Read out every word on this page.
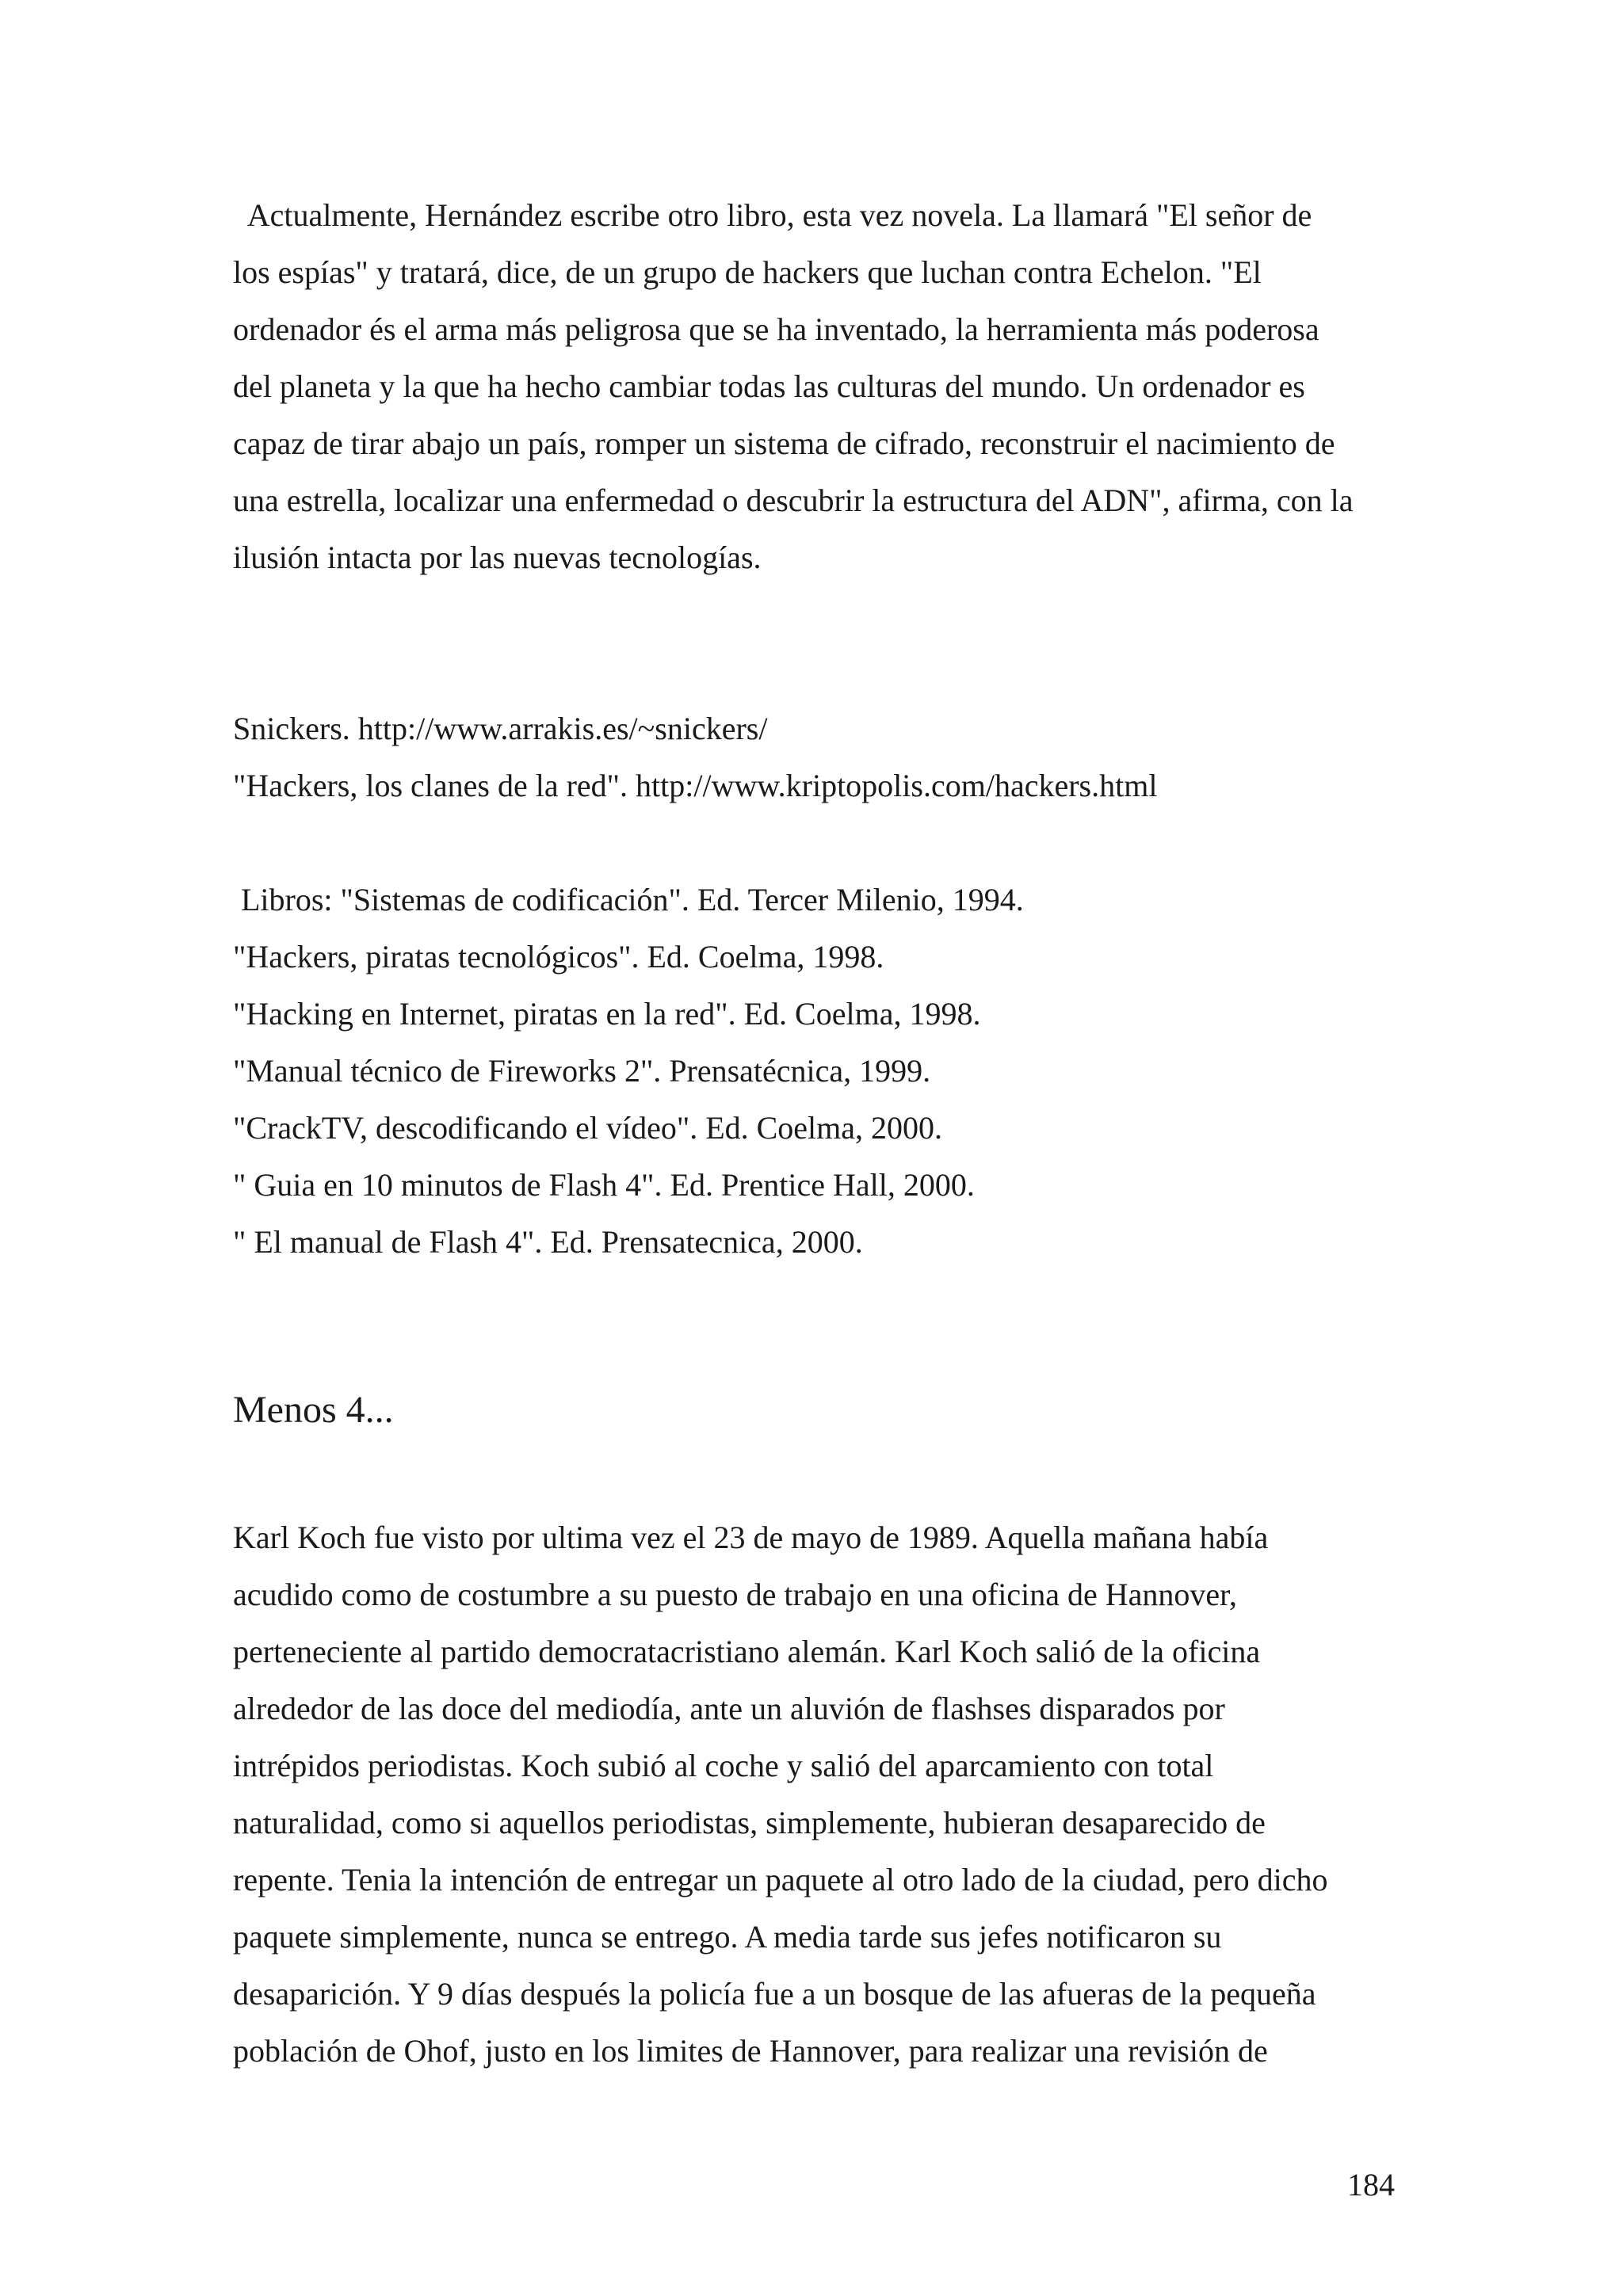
Actualmente, Hernández escribe otro libro, esta vez novela. La llamará "El señor de
los espías" y tratará, dice, de un grupo de hackers que luchan contra Echelon. "El
ordenador és el arma más peligrosa que se ha inventado, la herramienta más poderosa
del planeta y la que ha hecho cambiar todas las culturas del mundo. Un ordenador es
capaz de tirar abajo un país, romper un sistema de cifrado, reconstruir el nacimiento de
una estrella, localizar una enfermedad o descubrir la estructura del ADN", afirma, con la
ilusión intacta por las nuevas tecnologías.
Snickers. http://www.arrakis.es/~snickers/
"Hackers, los clanes de la red". http://www.kriptopolis.com/hackers.html
Libros: "Sistemas de codificación". Ed. Tercer Milenio, 1994.
"Hackers, piratas tecnológicos". Ed. Coelma, 1998.
"Hacking en Internet, piratas en la red". Ed. Coelma, 1998.
"Manual técnico de Fireworks 2". Prensatécnica, 1999.
"CrackTV, descodificando el vídeo". Ed. Coelma, 2000.
" Guia en 10 minutos de Flash 4". Ed. Prentice Hall, 2000.
" El manual de Flash 4". Ed. Prensatecnica, 2000.
Menos 4...
Karl Koch fue visto por ultima vez el 23 de mayo de 1989. Aquella mañana había
acudido como de costumbre a su puesto de trabajo en una oficina de Hannover,
perteneciente al partido democratacristiano alemán. Karl Koch salió de la oficina
alrededor de las doce del mediodía, ante un aluvión de flashses disparados por
intrépidos periodistas. Koch subió al coche y salió del aparcamiento con total
naturalidad, como si aquellos periodistas, simplemente, hubieran desaparecido de
repente. Tenia la intención de entregar un paquete al otro lado de la ciudad, pero dicho
paquete simplemente, nunca se entrego. A media tarde sus jefes notificaron su
desaparición. Y 9 días después la policía fue a un bosque de las afueras de la pequeña
población de Ohof, justo en los limites de Hannover, para realizar una revisión de
184
